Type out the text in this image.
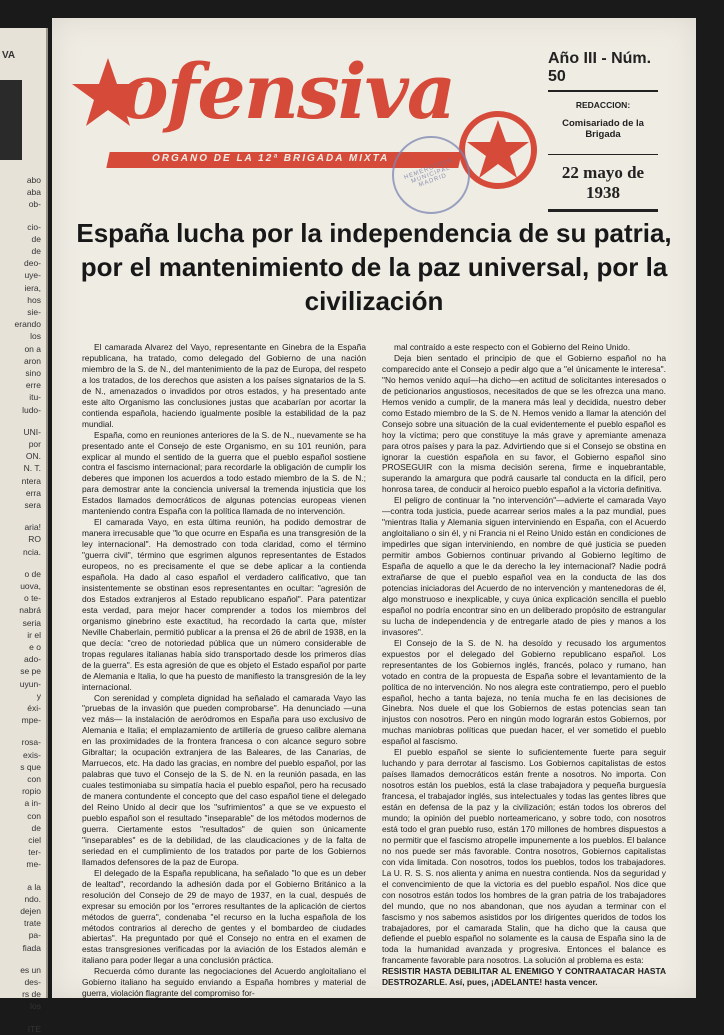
VA
abo
aba
ob-
cio-
de
de
deo-
uye-
iera,
hos
sie-
erando
los
on a
aron
sino
erre
itu-
ludo-
UNI-
por
ON.
N. T.
ntera
erra
sera
aria!
RO
ncia.
o de
uova,
o te-
nabrá
seria
ir el
e o
ado-
se pe
uyun-
y
éxi-
mpe-
rosa-
exis-
s que
con
ropio
a in-
con
de
ciel
ter-
me-
a la
ndo.
dejen
trate
pa-
fiada
es un
des-
rs de
los
ITE
ofensiva
ORGANO DE LA 12ª BRIGADA MIXTA	HEMEROTECA MUNICIPAL MADRID
Año III - Núm. 50
REDACCION:
Comisariado de la Brigada
22 mayo de 1938
España lucha por la independencia de su patria, por el mantenimiento de la paz universal, por la civilización

El camarada Alvarez del Vayo, representante en Ginebra de la España republicana, ha tratado, como delegado del Gobierno de una nación miembro de la S. de N., del mantenimiento de la paz de Europa, del respeto a los tratados, de los derechos que asisten a los países signatarios de la S. de N., amenazados o invadidos por otros estados, y ha presentado ante este alto Organismo las conclusiones justas que acabarían por acortar la contienda española, haciendo igualmente posible la estabilidad de la paz mundial.

España, como en reuniones anteriores de la S. de N., nuevamente se ha presentado ante el Consejo de este Organismo, en su 101 reunión, para explicar al mundo el sentido de la guerra que el pueblo español sostiene contra el fascismo internacional; para recordarle la obligación de cumplir los deberes que imponen los acuerdos a todo estado miembro de la S. de N.; para demostrar ante la conciencia universal la tremenda injusticia que los Estados llamados democráticos de algunas potencias europeas vienen manteniendo contra España con la política llamada de no intervención.

El camarada Vayo, en esta última reunión, ha podido demostrar de manera irrecusable que "lo que ocurre en España es una transgresión de la ley internacional". Ha demostrado con toda claridad, como el término "guerra civil", término que esgrimen algunos representantes de Estados europeos, no es precisamente el que se debe aplicar a la contienda española. Ha dado al caso español el verdadero calificativo, que tan insistentemente se obstinan esos representantes en ocultar: "agresión de dos Estados extranjeros al Estado republicano español". Para patentizar esta verdad, para mejor hacer comprender a todos los miembros del organismo ginebrino este exactitud, ha recordado la carta que, míster Neville Chaberlain, permitió publicar a la prensa el 26 de abril de 1938, en la que decía: "creo de notoriedad pública que un número considerable de tropas regulares italianas había sido transportado desde los primeros días de la guerra". Es esta agresión de que es objeto el Estado español por parte de Alemania e Italia, lo que ha puesto de manifiesto la transgresión de la ley internacional.

Con serenidad y completa dignidad ha señalado el camarada Vayo las "pruebas de la invasión que pueden comprobarse". Ha denunciado —una vez más— la instalación de aeródromos en España para uso exclusivo de Alemania e Italia; el emplazamiento de artillería de grueso calibre alemana en las proximidades de la frontera francesa o con alcance seguro sobre Gibraltar; la ocupación extranjera de las Baleares, de las Canarias, de Marruecos, etc. Ha dado las gracias, en nombre del pueblo español, por las palabras que tuvo el Consejo de la S. de N. en la reunión pasada, en las cuales testimoniaba su simpatía hacia el pueblo español, pero ha recusado de manera contundente el concepto que del caso español tiene el delegado del Reino Unido al decir que los "sufrimientos" a que se ve expuesto el pueblo español son el resultado "inseparable" de los métodos modernos de guerra. Ciertamente estos "resultados" de quien son únicamente "inseparables" es de la debilidad, de las claudicaciones y de la falta de seriedad en el cumplimiento de los tratados por parte de los Gobiernos llamados defensores de la paz de Europa.

El delegado de la España republicana, ha señalado "lo que es un deber de lealtad", recordando la adhesión dada por el Gobierno Británico a la resolución del Consejo de 29 de mayo de 1937, en la cual, después de expresar su emoción por los "errores resultantes de la aplicación de ciertos métodos de guerra", condenaba "el recurso en la lucha española de los métodos contrarios al derecho de gentes y el bombardeo de ciudades abiertas". Ha preguntado por qué el Consejo no entra en el examen de estas transgresiones verificadas por la aviación de los Estados alemán e italiano para poder llegar a una conclusión práctica.

Recuerda cómo durante las negociaciones del Acuerdo angloitaliano el Gobierno italiano ha seguido enviando a España hombres y material de guerra, violación flagrante del compromiso for-

mal contraído a este respecto con el Gobierno del Reino Unido.

Deja bien sentado el principio de que el Gobierno español no ha comparecido ante el Consejo a pedir algo que a "el únicamente le interesa". "No hemos venido aquí—ha dicho—en actitud de solicitantes interesados o de peticionarios angustiosos, necesitados de que se les ofrezca una mano. Hemos venido a cumplir, de la manera más leal y decidida, nuestro deber como Estado miembro de la S. de N. Hemos venido a llamar la atención del Consejo sobre una situación de la cual evidentemente el pueblo español es hoy la víctima; pero que constituye la más grave y apremiante amenaza para otros países y para la paz. Advirtiendo que si el Consejo se obstina en ignorar la cuestión española en su favor, el Gobierno español sino PROSEGUIR con la misma decisión serena, firme e inquebrantable, superando la amargura que podrá causarle tal conducta en la difícil, pero honrosa tarea, de conducir al heroico pueblo español a la victoria definitiva.

El peligro de continuar la "no intervención"—advierte el camarada Vayo—contra toda justicia, puede acarrear serios males a la paz mundial, pues "mientras Italia y Alemania siguen interviniendo en España, con el Acuerdo angloitaliano o sin él, y ni Francia ni el Reino Unido están en condiciones de impedirles que sigan interviniendo, en nombre de qué justicia se pueden permitir ambos Gobiernos continuar privando al Gobierno legítimo de España de aquello a que le da derecho la ley internacional? Nadie podrá extrañarse de que el pueblo español vea en la conducta de las dos potencias iniciadoras del Acuerdo de no intervención y mantenedoras de él, algo monstruoso e inexplicable, y cuya única explicación sencilla el pueblo español no podría encontrar sino en un deliberado propósito de estrangular su lucha de independencia y de entregarle atado de pies y manos a los invasores".

El Consejo de la S. de N. ha desoído y recusado los argumentos expuestos por el delegado del Gobierno republicano español. Los representantes de los Gobiernos inglés, francés, polaco y rumano, han votado en contra de la propuesta de España sobre el levantamiento de la política de no intervención. No nos alegra este contratiempo, pero el pueblo español, hecho a tanta bajeza, no tenía mucha fe en las decisiones de Ginebra. Nos duele el que los Gobiernos de estas potencias sean tan injustos con nosotros. Pero en ningún modo lograrán estos Gobiernos, por muchas maniobras políticas que puedan hacer, el ver sometido el pueblo español al fascismo.

El pueblo español se siente lo suficientemente fuerte para seguir luchando y para derrotar al fascismo. Los Gobiernos capitalistas de estos países llamados democráticos están frente a nosotros. No importa. Con nosotros están los pueblos, está la clase trabajadora y pequeña burguesía francesa, el trabajador inglés, sus intelectuales y todas las gentes libres que están en defensa de la paz y la civilización; están todos los obreros del mundo; la opinión del pueblo norteamericano, y sobre todo, con nosotros está todo el gran pueblo ruso, están 170 millones de hombres dispuestos a no permitir que el fascismo atropelle impunemente a los pueblos. El balance no nos puede ser más favorable. Contra nosotros, Gobiernos capitalistas con vida limitada. Con nosotros, todos los pueblos, todos los trabajadores. La U. R. S. S. nos alienta y anima en nuestra contienda. Nos da seguridad y el convencimiento de que la victoria es del pueblo español. Nos dice que con nosotros están todos los hombres de la gran patria de los trabajadores del mundo, que no nos abandonan, que nos ayudan a terminar con el fascismo y nos sabemos asistidos por los dirigentes queridos de todos los trabajadores, por el camarada Stalin, que ha dicho que la causa que defiende el pueblo español no solamente es la causa de España sino la de toda la humanidad avanzada y progresiva. Entonces el balance es francamente favorable para nosotros. La solución al problema es esta:

RESISTIR HASTA DEBILITAR AL ENEMIGO Y CONTRAATACAR HASTA DESTROZARLE. Así, pues, ¡ADELANTE! hasta vencer.
